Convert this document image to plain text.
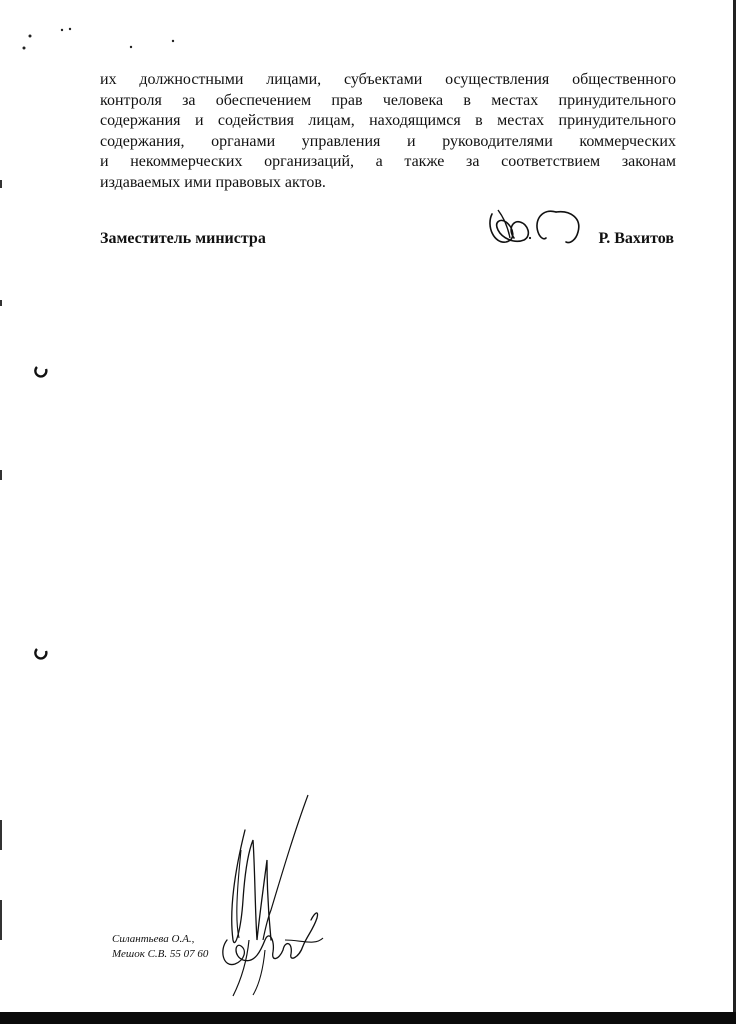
их должностными лицами, субъектами осуществления общественного
контроля за обеспечением прав человека в местах принудительного
содержания и содействия лицам, находящимся в местах принудительного
содержания, органами управления и руководителями коммерческих
и некоммерческих организаций, а также за соответствием законам
издаваемых ими правовых актов.
Заместитель министра	Р. Вахитов
Силантьева О.А.,
Мешок С.В. 55 07 60
